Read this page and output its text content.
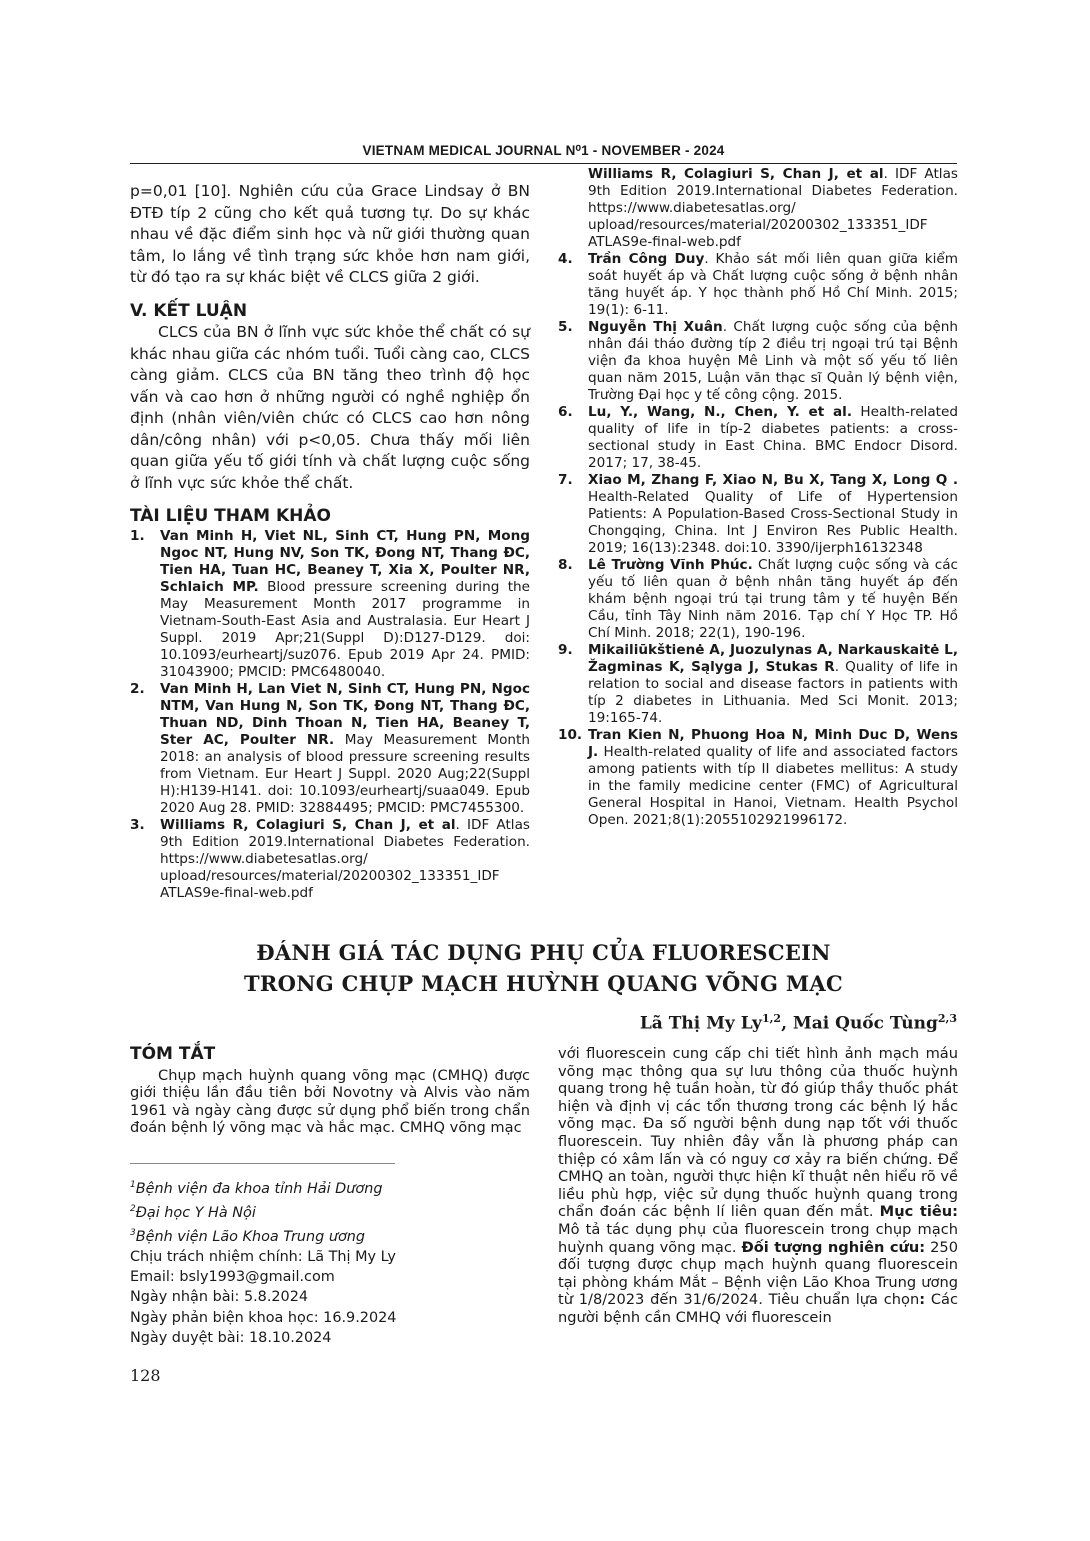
VIETNAM MEDICAL JOURNAL N⁰1 - NOVEMBER - 2024

p=0,01 [10]. Nghiên cứu của Grace Lindsay ở BN ĐTĐ típ 2 cũng cho kết quả tương tự. Do sự khác nhau về đặc điểm sinh học và nữ giới thường quan tâm, lo lắng về tình trạng sức khỏe hơn nam giới, từ đó tạo ra sự khác biệt về CLCS giữa 2 giới.

V. KẾT LUẬN

CLCS của BN ở lĩnh vực sức khỏe thể chất có sự khác nhau giữa các nhóm tuổi. Tuổi càng cao, CLCS càng giảm. CLCS của BN tăng theo trình độ học vấn và cao hơn ở những người có nghề nghiệp ổn định (nhân viên/viên chức có CLCS cao hơn nông dân/công nhân) với p<0,05. Chưa thấy mối liên quan giữa yếu tố giới tính và chất lượng cuộc sống ở lĩnh vực sức khỏe thể chất.

TÀI LIỆU THAM KHẢO

1.	Van Minh H, Viet NL, Sinh CT, Hung PN, Mong Ngoc NT, Hung NV, Son TK, Đong NT, Thang ĐC, Tien HA, Tuan HC, Beaney T, Xia X, Poulter NR, Schlaich MP. Blood pressure screening during the May Measurement Month 2017 programme in Vietnam-South-East Asia and Australasia. Eur Heart J Suppl. 2019 Apr;21(Suppl D):D127-D129. doi: 10.1093/eurheartj/suz076. Epub 2019 Apr 24. PMID: 31043900; PMCID: PMC6480040.
2.	Van Minh H, Lan Viet N, Sinh CT, Hung PN, Ngoc NTM, Van Hung N, Son TK, Đong NT, Thang ĐC, Thuan ND, Dinh Thoan N, Tien HA, Beaney T, Ster AC, Poulter NR. May Measurement Month 2018: an analysis of blood pressure screening results from Vietnam. Eur Heart J Suppl. 2020 Aug;22(Suppl H):H139-H141. doi: 10.1093/eurheartj/suaa049. Epub 2020 Aug 28. PMID: 32884495; PMCID: PMC7455300.
3.	Williams R, Colagiuri S, Chan J, et al. IDF Atlas 9th Edition 2019.International Diabetes Federation. https://www.diabetesatlas.org/ upload/resources/material/20200302_133351_IDF ATLAS9e-final-web.pdf
Williams R, Colagiuri S, Chan J, et al. IDF Atlas 9th Edition 2019.International Diabetes Federation. https://www.diabetesatlas.org/ upload/resources/material/20200302_133351_IDF ATLAS9e-final-web.pdf
4.	Trần Công Duy. Khảo sát mối liên quan giữa kiểm soát huyết áp và Chất lượng cuộc sống ở bệnh nhân tăng huyết áp. Y học thành phố Hồ Chí Minh. 2015; 19(1): 6-11.
5.	Nguyễn Thị Xuân. Chất lượng cuộc sống của bệnh nhân đái tháo đường típ 2 điều trị ngoại trú tại Bệnh viện đa khoa huyện Mê Linh và một số yếu tố liên quan năm 2015, Luận văn thạc sĩ Quản lý bệnh viện, Trường Đại học y tế công cộng. 2015.
6.	Lu, Y., Wang, N., Chen, Y. et al. Health-related quality of life in típ-2 diabetes patients: a cross-sectional study in East China. BMC Endocr Disord. 2017; 17, 38-45.
7.	Xiao M, Zhang F, Xiao N, Bu X, Tang X, Long Q . Health-Related Quality of Life of Hypertension Patients: A Population-Based Cross-Sectional Study in Chongqing, China. Int J Environ Res Public Health. 2019; 16(13):2348. doi:10. 3390/ijerph16132348
8.	Lê Trường Vĩnh Phúc. Chất lượng cuộc sống và các yếu tố liên quan ở bệnh nhân tăng huyết áp đến khám bệnh ngoại trú tại trung tâm y tế huyện Bến Cầu, tỉnh Tây Ninh năm 2016. Tạp chí Y Học TP. Hồ Chí Minh. 2018; 22(1), 190-196.
9.	Mikailiūkštienė A, Juozulynas A, Narkauskaitė L, Žagminas K, Sąlyga J, Stukas R. Quality of life in relation to social and disease factors in patients with típ 2 diabetes in Lithuania. Med Sci Monit. 2013; 19:165-74.
10. Tran Kien N, Phuong Hoa N, Minh Duc D, Wens J. Health-related quality of life and associated factors among patients with típ II diabetes mellitus: A study in the family medicine center (FMC) of Agricultural General Hospital in Hanoi, Vietnam. Health Psychol Open. 2021;8(1):2055102921996172.
ĐÁNH GIÁ TÁC DỤNG PHỤ CỦA FLUORESCEIN
TRONG CHỤP MẠCH HUỲNH QUANG VÕNG MẠC
Lã Thị My Ly$^{1,2}$, Mai Quốc Tùng$^{2,3}$

TÓM TẮT

Chụp mạch huỳnh quang võng mạc (CMHQ) được giới thiệu lần đầu tiên bởi Novotny và Alvis vào năm 1961 và ngày càng được sử dụng phổ biến trong chẩn đoán bệnh lý võng mạc và hắc mạc. CMHQ võng mạc

với fluorescein cung cấp chi tiết hình ảnh mạch máu võng mạc thông qua sự lưu thông của thuốc huỳnh quang trong hệ tuần hoàn, từ đó giúp thầy thuốc phát hiện và định vị các tổn thương trong các bệnh lý hắc võng mạc. Đa số người bệnh dung nạp tốt với thuốc fluorescein. Tuy nhiên đây vẫn là phương pháp can thiệp có xâm lấn và có nguy cơ xảy ra biến chứng. Để CMHQ an toàn, người thực hiện kĩ thuật nên hiểu rõ về liều phù hợp, việc sử dụng thuốc huỳnh quang trong chẩn đoán các bệnh lí liên quan đến mắt. Mục tiêu: Mô tả tác dụng phụ của fluorescein trong chụp mạch huỳnh quang võng mạc. Đối tượng nghiên cứu: 250 đối tượng được chụp mạch huỳnh quang fluorescein tại phòng khám Mắt – Bệnh viện Lão Khoa Trung ương từ 1/8/2023 đến 31/6/2024. Tiêu chuẩn lựa chọn: Các người bệnh cần CMHQ với fluorescein

$^1$Bệnh viện đa khoa tỉnh Hải Dương
$^2$Đại học Y Hà Nội
$^3$Bệnh viện Lão Khoa Trung ương
Chịu trách nhiệm chính: Lã Thị My Ly
Email: bsly1993@gmail.com
Ngày nhận bài: 5.8.2024
Ngày phản biện khoa học: 16.9.2024
Ngày duyệt bài: 18.10.2024
128
